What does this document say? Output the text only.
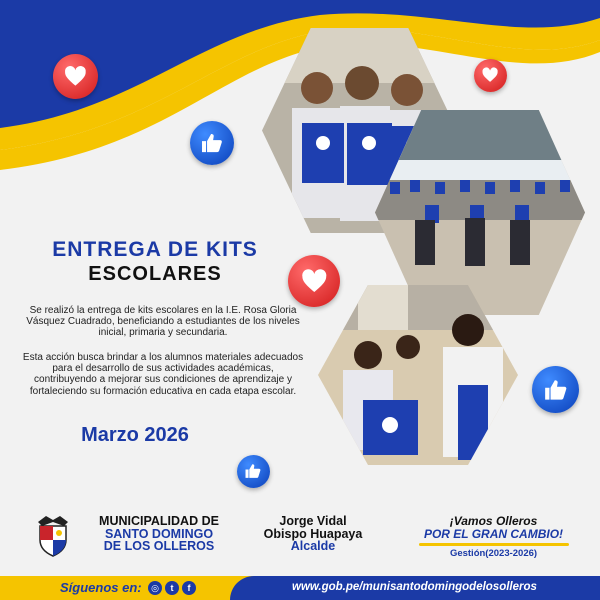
ENTREGA DE KITS
ESCOLARES

Se realizó la entrega de kits escolares en la I.E. Rosa Gloria Vásquez Cuadrado, beneficiando a estudiantes de los niveles inicial, primaria y secundaria.

Esta acción busca brindar a los alumnos materiales adecuados para el desarrollo de sus actividades académicas, contribuyendo a mejorar sus condiciones de aprendizaje y fortaleciendo su formación educativa en cada etapa escolar.

Marzo 2026
MUNICIPALIDAD DE
SANTO DOMINGO
DE LOS OLLEROS
Jorge Vidal
Obispo Huapaya
Alcalde
¡Vamos Olleros
POR EL GRAN CAMBIO!
Gestión(2023-2026)
Síguenos en:	◎	t	f	www.gob.pe/munisantodomingodelosolleros
